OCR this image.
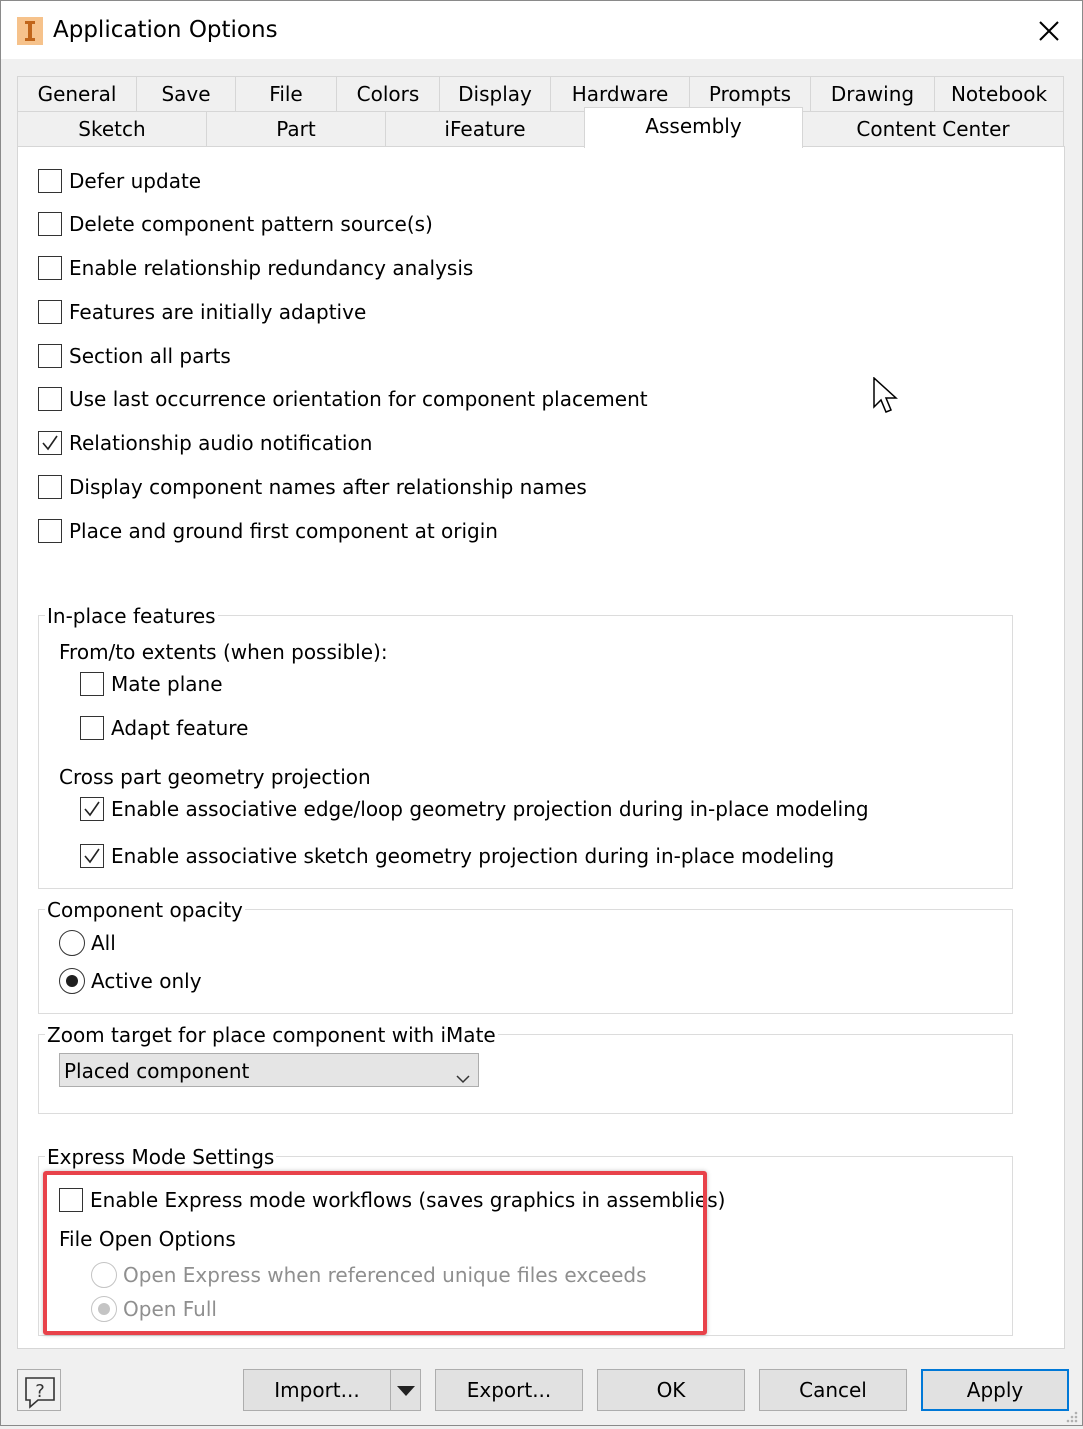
Application Options
General	Save	File	Colors	Display	Hardware	Prompts	Drawing	Notebook
Sketch	Part	iFeature	Assembly	Content Center
Defer update
Delete component pattern source(s)
Enable relationship redundancy analysis
Features are initially adaptive
Section all parts
Use last occurrence orientation for component placement
Relationship audio notification
Display component names after relationship names
Place and ground first component at origin
In-place features
From/to extents (when possible):
Mate plane
Adapt feature
Cross part geometry projection
Enable associative edge/loop geometry projection during in-place modeling
Enable associative sketch geometry projection during in-place modeling
Component opacity
All
Active only
Zoom target for place component with iMate
Placed component
Express Mode Settings
Enable Express mode workflows (saves graphics in assemblies)
File Open Options
Open Express when referenced unique files exceeds
Open Full
?	Import...	Export...	OK	Cancel	Apply
